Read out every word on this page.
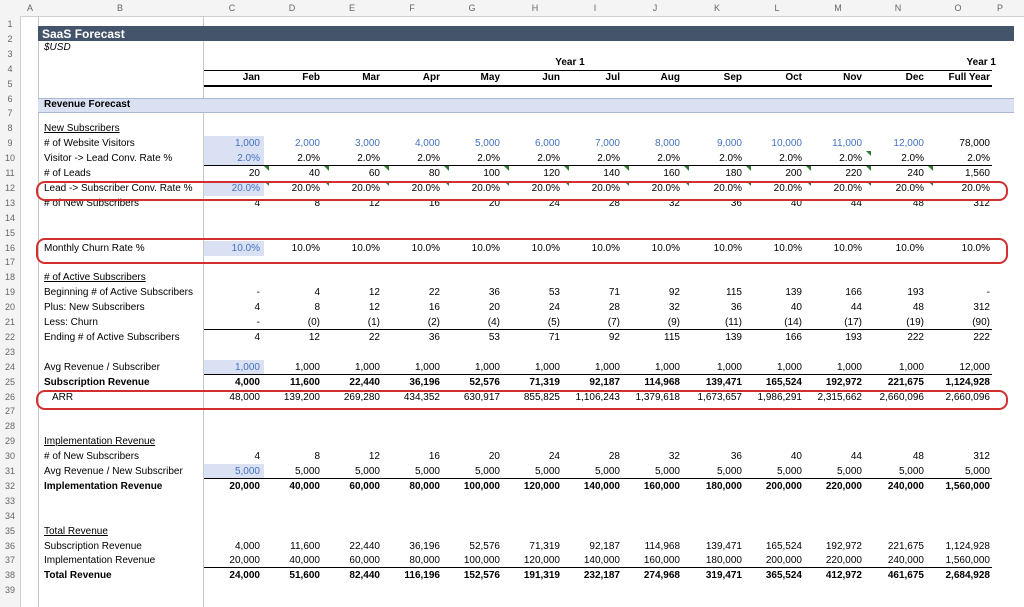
A	B	C	D	E	F	G	H	I	J	K	L	M	N	O	P
1
2
3
4
5
6
7
8
9
10
11
12
13
14
15
16
17
18
19
20
21
22
23
24
25
26
27
28
29
30
31
32
33
34
35
36
37
38
39
SaaS Forecast
$USD
Year 1	Year 1
Jan	Feb	Mar	Apr	May	Jun	Jul	Aug	Sep	Oct	Nov	Dec	Full Year
Revenue Forecast
New Subscribers
# of Website Visitors	1,000	2,000	3,000	4,000	5,000	6,000	7,000	8,000	9,000	10,000	11,000	12,000	78,000
Visitor -> Lead Conv. Rate %	2.0%	2.0%	2.0%	2.0%	2.0%	2.0%	2.0%	2.0%	2.0%	2.0%	2.0%	2.0%	2.0%
# of Leads	20	40	60	80	100	120	140	160	180	200	220	240	1,560
Lead -> Subscriber Conv. Rate %	20.0%	20.0%	20.0%	20.0%	20.0%	20.0%	20.0%	20.0%	20.0%	20.0%	20.0%	20.0%	20.0%
# of New Subscribers	4	8	12	16	20	24	28	32	36	40	44	48	312
Monthly Churn Rate %	10.0%	10.0%	10.0%	10.0%	10.0%	10.0%	10.0%	10.0%	10.0%	10.0%	10.0%	10.0%	10.0%
# of Active Subscribers
Beginning # of Active Subscribers	-	4	12	22	36	53	71	92	115	139	166	193	-
Plus: New Subscribers	4	8	12	16	20	24	28	32	36	40	44	48	312
Less: Churn	-	(0)	(1)	(2)	(4)	(5)	(7)	(9)	(11)	(14)	(17)	(19)	(90)
Ending # of Active Subscribers	4	12	22	36	53	71	92	115	139	166	193	222	222
Avg Revenue / Subscriber	1,000	1,000	1,000	1,000	1,000	1,000	1,000	1,000	1,000	1,000	1,000	1,000	12,000
Subscription Revenue	4,000	11,600	22,440	36,196	52,576	71,319	92,187	114,968	139,471	165,524	192,972	221,675	1,124,928
ARR	48,000	139,200	269,280	434,352	630,917	855,825	1,106,243	1,379,618	1,673,657	1,986,291	2,315,662	2,660,096	2,660,096
Implementation Revenue
# of New Subscribers	4	8	12	16	20	24	28	32	36	40	44	48	312
Avg Revenue / New Subscriber	5,000	5,000	5,000	5,000	5,000	5,000	5,000	5,000	5,000	5,000	5,000	5,000	5,000
Implementation Revenue	20,000	40,000	60,000	80,000	100,000	120,000	140,000	160,000	180,000	200,000	220,000	240,000	1,560,000
Total Revenue
Subscription Revenue	4,000	11,600	22,440	36,196	52,576	71,319	92,187	114,968	139,471	165,524	192,972	221,675	1,124,928
Implementation Revenue	20,000	40,000	60,000	80,000	100,000	120,000	140,000	160,000	180,000	200,000	220,000	240,000	1,560,000
Total Revenue	24,000	51,600	82,440	116,196	152,576	191,319	232,187	274,968	319,471	365,524	412,972	461,675	2,684,928
